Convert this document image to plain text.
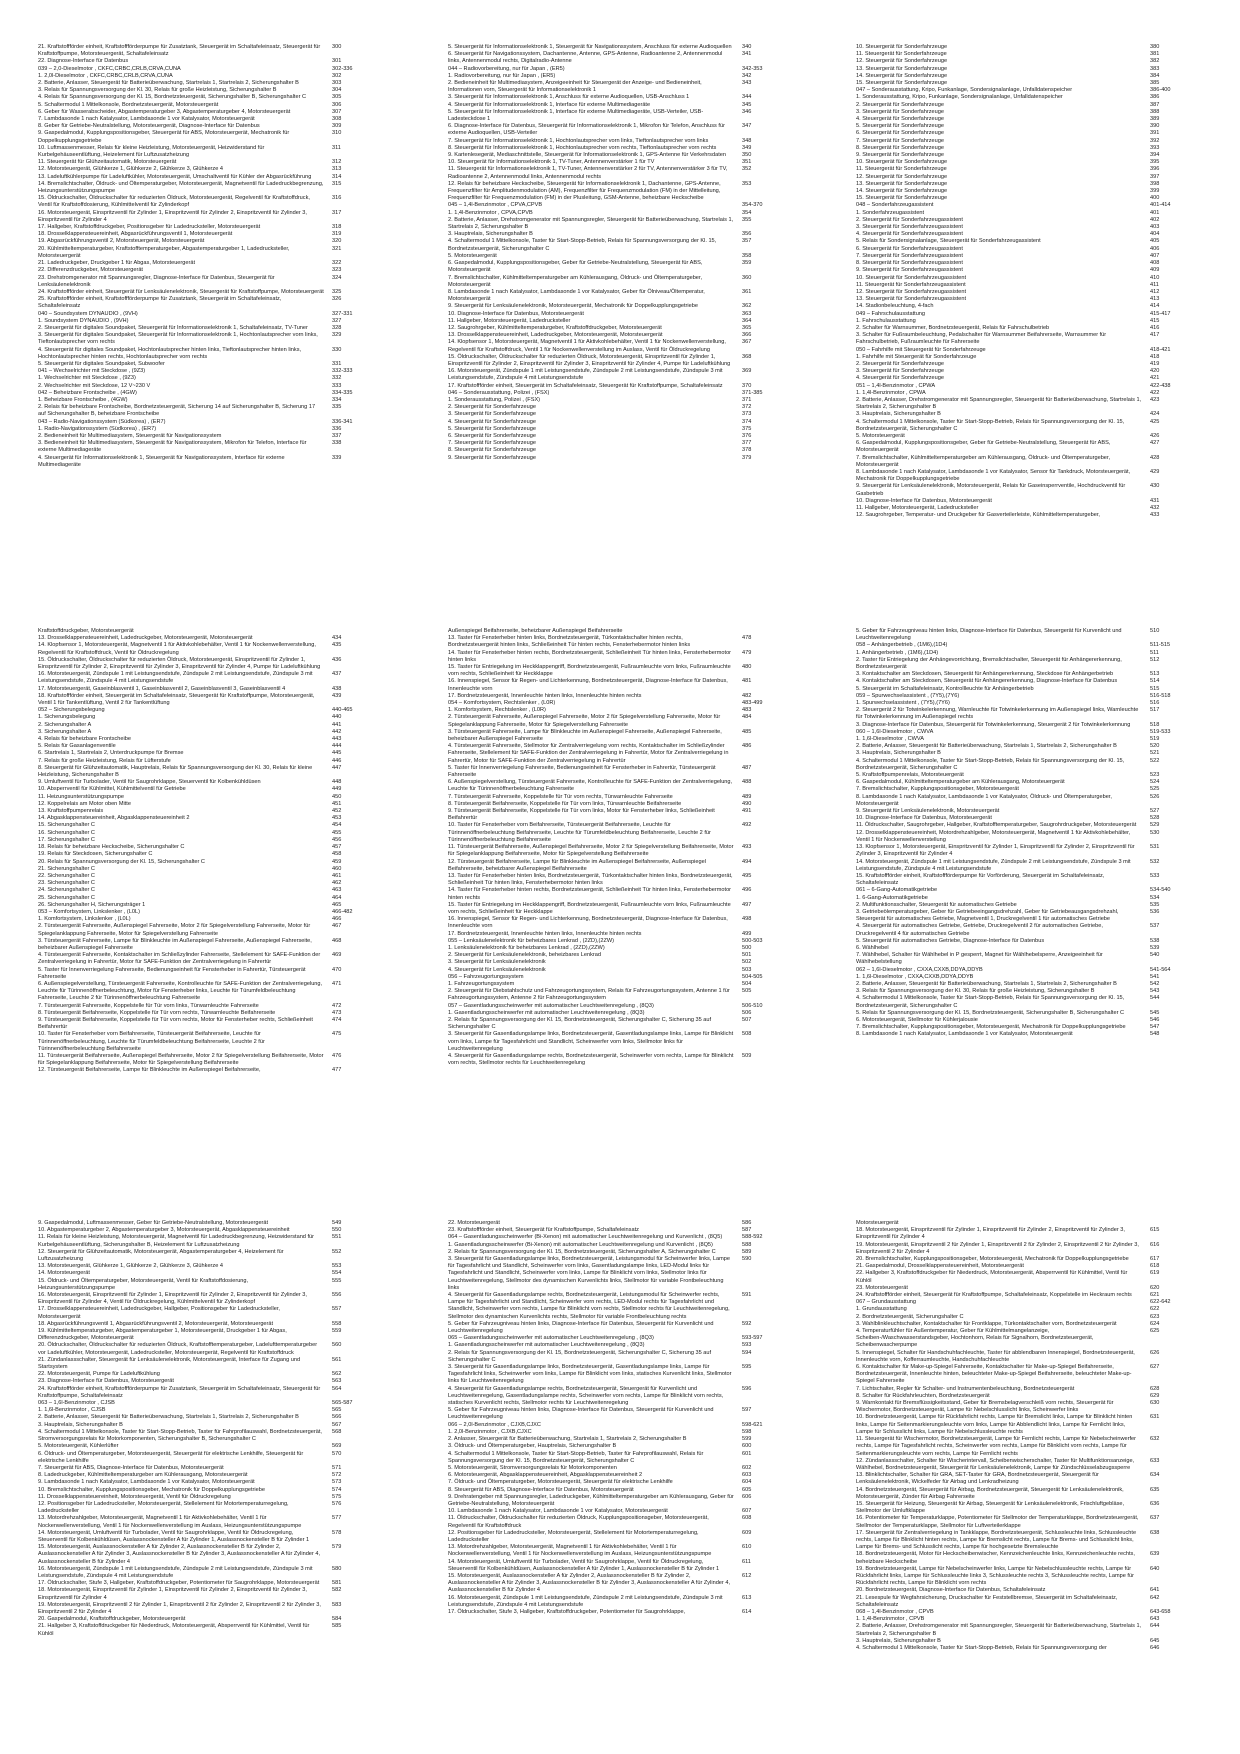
21. Kraftstoffförder einheit, Kraftstoffförderpumpe für Zusatztank, Steuergerät im Schaltafeleinsatz, Steuergerät für Kraftstoffpumpe, Motorsteuergerät, Schaltafeleinsatz
300
22. Diagnose-Interface für Datenbus	301
039 – 2,0-Dieselmotor , CKFC,CRBC,CRLB,CRVA,CUNA	302-336
1. 2,0l-Dieselmotor , CKFC,CRBC,CRLB,CRVA,CUNA	302
2. Batterie, Anlasser, Steuergerät für Batterieüberwachung, Startrelais 1, Startrelais 2, Sicherungshalter B	303
3. Relais für Spannungsversorgung der Kl. 30, Relais für große Heizleistung, Sicherungshalter B	304
4. Relais für Spannungsversorgung der Kl. 15, Bordnetzsteuergerät, Sicherungshalter B, Sicherungshalter C	305
5. Schaltermodul 1 Mittelkonsole, Bordnetzsteuergerät, Motorsteuergerät	306
6. Geber für Wasserabscheider, Abgastemperaturgeber 3, Abgastemperaturgeber 4, Motorsteuergerät	307
7. Lambdasonde 1 nach Katalysator, Lambdasonde 1 vor Katalysator, Motorsteuergerät	308
8. Geber für Getriebe-Neutralstellung, Motorsteuergerät, Diagnose-Interface für Datenbus	309
9. Gaspedalmodul, Kupplungspositionsgeber, Steuergerät für ABS, Motorsteuergerät, Mechatronik für Doppelkupplungsgetriebe
310
10. Luftmassenmesser, Relais für kleine Heizleistung, Motorsteuergerät, Heizwiderstand für Kurbelgehäuseentlüftung, Heizelement für Luftzusatzheizung
311
11. Steuergerät für Glühzeitautomatik, Motorsteuergerät	312
12. Motorsteuergerät, Glühkerze 1, Glühkerze 2, Glühkerze 3, Glühkerze 4	313
13. Ladeluftkühlerpumpe für Ladeluftkühler, Motorsteuergerät, Umschaltventil für Kühler der Abgasrückführung	314
14. Bremslichtschalter, Öldruck- und Öltemperaturgeber, Motorsteuergerät, Magnetventil für Ladedruckbegrenzung, Heizungsunterstützungspumpe
315
15. Öldruckschalter, Öldruckschalter für reduzierten Öldruck, Motorsteuergerät, Regelventil für Kraftstoffdruck, Ventil für Kraftstoffdosierung, Kühlmittelventil für Zylinderkopf
316
16. Motorsteuergerät, Einspritzventil für Zylinder 1, Einspritzventil für Zylinder 2, Einspritzventil für Zylinder 3, Einspritzventil für Zylinder 4
317
17. Hallgeber, Kraftstoffdruckgeber, Positionsgeber für Ladedrucksteller, Motorsteuergerät	318
18. Drosselklappensteuereinheit, Abgasrückführungsventil 1, Motorsteuergerät	319
19. Abgasrückführungsventil 2, Motorsteuergerät, Motorsteuergerät	320
20. Kühlmitteltemperaturgeber, Kraftstofftemperaturgeber, Abgastemperaturgeber 1, Ladedrucksteller, Motorsteuergerät
321
21. Ladedruckgeber, Druckgeber 1 für Abgas, Motorsteuergerät	322
22. Differenzdruckgeber, Motorsteuergerät	323
23. Drehstromgenerator mit Spannungsregler, Diagnose-Interface für Datenbus, Steuergerät für Lenksäulenelektronik
324
24. Kraftstoffförder einheit, Steuergerät für Lenksäulenelektronik, Steuergerät für Kraftstoffpumpe, Motorsteuergerät	325
25. Kraftstoffförder einheit, Kraftstoffförderpumpe für Zusatztank, Steuergerät im Schaltafeleinsatz, Schaltafeleinsatz
326
040 – Soundsystem DYNAUDIO , (9VH)	327-331
1. Soundsystem DYNAUDIO , (9VH)	327
2. Steuergerät für digitales Soundpaket, Steuergerät für Informationselektronik 1, Schaltafeleinsatz, TV-Tuner	328
3. Steuergerät für digitales Soundpaket, Steuergerät für Informationselektronik 1, Hochtonlautsprecher vorn links, Tieftonlautsprecher vorn rechts
329
4. Steuergerät für digitales Soundpaket, Hochtonlautsprecher hinten links, Tieftonlautsprecher hinten links, Hochtonlautsprecher hinten rechts, Hochtonlautsprecher vorn rechts
330
5. Steuergerät für digitales Soundpaket, Subwoofer	331
041 – Wechselrichter mit Steckdose , (9Z3)	332-333
1. Wechselrichter mit Steckdose , (9Z3)	332
2. Wechselrichter mit Steckdose, 12 V~230 V	333
042 – Beheizbare Frontscheibe , (4GW)	334-335
1. Beheizbare Frontscheibe , (4GW)	334
2. Relais für beheizbare Frontscheibe, Bordnetzsteuergerät, Sicherung 14 auf Sicherungshalter B, Sicherung 17 auf Sicherungshalter B, beheizbare Frontscheibe
335
043 – Radio-Navigationssystem (Südkorea) , (ER7)	336-341
1. Radio-Navigationssystem (Südkorea) , (ER7)	336
2. Bedieneinheit für Multimediasystem, Steuergerät für Navigationssystem	337
3. Bedieneinheit für Multimediasystem, Steuergerät für Navigationssystem, Mikrofon für Telefon, Interface für externe Multimediageräte
338
4. Steuergerät für Informationselektronik 1, Steuergerät für Navigationssystem, Interface für externe Multimediageräte
339
5. Steuergerät für Informationselektronik 1, Steuergerät für Navigationssystem, Anschluss für externe Audioquellen	340
6. Steuergerät für Navigationssystem, Dachantenne, Antenne, GPS-Antenne, Radioantenne 2, Antennenmodul links, Antennenmodul rechts, Digitalradio-Antenne
341
044 – Radiovorbereitung, nur für Japan , (ER5)	342-353
1. Radiovorbereitung, nur für Japan , (ER5)	342
2. Bedieneinheit für Multimediasystem, Anzeigeeinheit für Steuergerät der Anzeige- und Bedieneinheit, Informationen vorn, Steuergerät für Informationselektronik 1
343
3. Steuergerät für Informationselektronik 1, Anschluss für externe Audioquellen, USB-Anschluss 1	344
4. Steuergerät für Informationselektronik 1, Interface für externe Multimediageräte	345
5. Steuergerät für Informationselektronik 1, Interface für externe Multimediageräte, USB-Verteiler, USB-Ladesteckdose 1
346
6. Diagnose-Interface für Datenbus, Steuergerät für Informationselektronik 1, Mikrofon für Telefon, Anschluss für externe Audioquellen, USB-Verteiler
347
7. Steuergerät für Informationselektronik 1, Hochtonlautsprecher vorn links, Tieftonlautsprecher vorn links	348
8. Steuergerät für Informationselektronik 1, Hochtonlautsprecher vorn rechts, Tieftonlautsprecher vorn rechts	349
9. Kartenlesegerät, Mediaschnittstelle, Steuergerät für Informationselektronik 1, GPS-Antenne für Verkehrsdaten	350
10. Steuergerät für Informationselektronik 1, TV-Tuner, Antennenverstärker 1 für TV	351
11. Steuergerät für Informationselektronik 1, TV-Tuner, Antennenverstärker 2 für TV, Antennenverstärker 3 für TV, Radioantenne 2, Antennenmodul links, Antennenmodul rechts
352
12. Relais für beheizbare Heckscheibe, Steuergerät für Informationselektronik 1, Dachantenne, GPS-Antenne, Frequenzfilter für Amplitudenmodulation (AM), Frequenzfilter für Frequenzmodulation (FM) in der Mittelleitung, Frequenzfilter für Frequenzmodulation (FM) in der Plusleitung, GSM-Antenne, beheizbare Heckscheibe
353
045 – 1,4l-Benzinmotor , CPVA,CPVB	354-370
1. 1,4l-Benzinmotor , CPVA,CPVB	354
2. Batterie, Anlasser, Drehstromgenerator mit Spannungsregler, Steuergerät für Batterieüberwachung, Startrelais 1, Startrelais 2, Sicherungshalter B
355
3. Hauptrelais, Sicherungshalter B	356
4. Schaltermodul 1 Mittelkonsole, Taster für Start-Stopp-Betrieb, Relais für Spannungsversorgung der Kl. 15, Bordnetzsteuergerät, Sicherungshalter C
357
5. Motorsteuergerät	358
6. Gaspedalmodul, Kupplungspositionsgeber, Geber für Getriebe-Neutralstellung, Steuergerät für ABS, Motorsteuergerät
359
7. Bremslichtschalter, Kühlmitteltemperaturgeber am Kühlerausgang, Öldruck- und Öltemperaturgeber, Motorsteuergerät
360
8. Lambdasonde 1 nach Katalysator, Lambdasonde 1 vor Katalysator, Geber für Ölniveau/Öltemperatur, Motorsteuergerät
361
9. Steuergerät für Lenksäulenelektronik, Motorsteuergerät, Mechatronik für Doppelkupplungsgetriebe	362
10. Diagnose-Interface für Datenbus, Motorsteuergerät	363
11. Hallgeber, Motorsteuergerät, Ladedrucksteller	364
12. Saugrohrgeber, Kühlmitteltemperaturgeber, Kraftstoffdruckgeber, Motorsteuergerät	365
13. Drosselklappensteuereinheit, Ladedruckgeber, Motorsteuergerät, Motorsteuergerät	366
14. Klopfsensor 1, Motorsteuergerät, Magnetventil 1 für Aktivkohlebehälter, Ventil 1 für Nockenwellenverstellung, Regelventil für Kraftstoffdruck, Ventil 1 für Nockenwellenverstellung im Auslass, Ventil für Öldruckregelung
367
15. Öldruckschalter, Öldruckschalter für reduzierten Öldruck, Motorsteuergerät, Einspritzventil für Zylinder 1, Einspritzventil für Zylinder 2, Einspritzventil für Zylinder 3, Einspritzventil für Zylinder 4, Pumpe für Ladeluftkühlung
368
16. Motorsteuergerät, Zündspule 1 mit Leistungsendstufe, Zündspule 2 mit Leistungsendstufe, Zündspule 3 mit Leistungsendstufe, Zündspule 4 mit Leistungsendstufe
369
17. Kraftstoffförder einheit, Steuergerät im Schaltafeleinsatz, Steuergerät für Kraftstoffpumpe, Schaltafeleinsatz	370
046 – Sonderausstattung, Polizei , (FSX)	371-385
1. Sonderausstattung, Polizei , (FSX)	371
2. Steuergerät für Sonderfahrzeuge	372
3. Steuergerät für Sonderfahrzeuge	373
4. Steuergerät für Sonderfahrzeuge	374
5. Steuergerät für Sonderfahrzeuge	375
6. Steuergerät für Sonderfahrzeuge	376
7. Steuergerät für Sonderfahrzeuge	377
8. Steuergerät für Sonderfahrzeuge	378
9. Steuergerät für Sonderfahrzeuge	379
10. Steuergerät für Sonderfahrzeuge	380
11. Steuergerät für Sonderfahrzeuge	381
12. Steuergerät für Sonderfahrzeuge	382
13. Steuergerät für Sonderfahrzeuge	383
14. Steuergerät für Sonderfahrzeuge	384
15. Steuergerät für Sonderfahrzeuge	385
047 – Sonderausstattung, Kripo, Funkanlage, Sondersignalanlage, Unfalldatenspeicher	386-400
1. Sonderausstattung, Kripo, Funkanlage, Sondersignalanlage, Unfalldatenspeicher	386
2. Steuergerät für Sonderfahrzeuge	387
3. Steuergerät für Sonderfahrzeuge	388
4. Steuergerät für Sonderfahrzeuge	389
5. Steuergerät für Sonderfahrzeuge	390
6. Steuergerät für Sonderfahrzeuge	391
7. Steuergerät für Sonderfahrzeuge	392
8. Steuergerät für Sonderfahrzeuge	393
9. Steuergerät für Sonderfahrzeuge	394
10. Steuergerät für Sonderfahrzeuge	395
11. Steuergerät für Sonderfahrzeuge	396
12. Steuergerät für Sonderfahrzeuge	397
13. Steuergerät für Sonderfahrzeuge	398
14. Steuergerät für Sonderfahrzeuge	399
15. Steuergerät für Sonderfahrzeuge	400
048 – Sonderfahrzeugassistent	401-414
1. Sonderfahrzeugassistent	401
2. Steuergerät für Sonderfahrzeugassistent	402
3. Steuergerät für Sonderfahrzeugassistent	403
4. Steuergerät für Sonderfahrzeugassistent	404
5. Relais für Sondersignalanlage, Steuergerät für Sonderfahrzeugassistent	405
6. Steuergerät für Sonderfahrzeugassistent	406
7. Steuergerät für Sonderfahrzeugassistent	407
8. Steuergerät für Sonderfahrzeugassistent	408
9. Steuergerät für Sonderfahrzeugassistent	409
10. Steuergerät für Sonderfahrzeugassistent	410
11. Steuergerät für Sonderfahrzeugassistent	411
12. Steuergerät für Sonderfahrzeugassistent	412
13. Steuergerät für Sonderfahrzeugassistent	413
14. Stadionbeleuchtung, 4-fach	414
049 – Fahrschulausstattung	415-417
1. Fahrschulausstattung	415
2. Schalter für Warnsummer, Bordnetzsteuergerät, Relais für Fahrschulbetrieb	416
3. Schalter für Fußraumbeleuchtung, Pedalschalter für Warnsummer Beifahrerseite, Warnsummer für Fahrschulbetrieb, Fußraumleuchte für Fahrerseite
417
050 – Fahrhilfe mit Steuergerät für Sonderfahrzeuge	418-421
1. Fahrhilfe mit Steuergerät für Sonderfahrzeuge	418
2. Steuergerät für Sonderfahrzeuge	419
3. Steuergerät für Sonderfahrzeuge	420
4. Steuergerät für Sonderfahrzeuge	421
051 – 1,4l-Benzinmotor , CPWA	422-438
1. 1,4l-Benzinmotor , CPWA	422
2. Batterie, Anlasser, Drehstromgenerator mit Spannungsregler, Steuergerät für Batterieüberwachung, Startrelais 1, Startrelais 2, Sicherungshalter B
423
3. Hauptrelais, Sicherungshalter B	424
4. Schaltermodul 1 Mittelkonsole, Taster für Start-Stopp-Betrieb, Relais für Spannungsversorgung der Kl. 15, Bordnetzsteuergerät, Sicherungshalter C
425
5. Motorsteuergerät	426
6. Gaspedalmodul, Kupplungspositionsgeber, Geber für Getriebe-Neutralstellung, Steuergerät für ABS, Motorsteuergerät
427
7. Bremslichtschalter, Kühlmitteltemperaturgeber am Kühlerausgang, Öldruck- und Öltemperaturgeber, Motorsteuergerät
428
8. Lambdasonde 1 nach Katalysator, Lambdasonde 1 vor Katalysator, Sensor für Tankdruck, Motorsteuergerät, Mechatronik für Doppelkupplungsgetriebe
429
9. Steuergerät für Lenksäulenelektronik, Motorsteuergerät, Relais für Gaseinsperrventile, Hochdruckventil für Gasbetrieb
430
10. Diagnose-Interface für Datenbus, Motorsteuergerät	431
11. Hallgeber, Motorsteuergerät, Ladedrucksteller	432
12. Saugrohrgeber, Temperatur- und Druckgeber für Gasverteilerleiste, Kühlmitteltemperaturgeber,	433
Kraftstoffdruckgeber, Motorsteuergerät
13. Drosselklappensteuereinheit, Ladedruckgeber, Motorsteuergerät, Motorsteuergerät	434
14. Klopfsensor 1, Motorsteuergerät, Magnetventil 1 für Aktivkohlebehälter, Ventil 1 für Nockenwellenverstellung, Regelventil für Kraftstoffdruck, Ventil für Öldruckregelung
435
15. Öldruckschalter, Öldruckschalter für reduzierten Öldruck, Motorsteuergerät, Einspritzventil für Zylinder 1, Einspritzventil für Zylinder 2, Einspritzventil für Zylinder 3, Einspritzventil für Zylinder 4, Pumpe für Ladeluftkühlung
436
16. Motorsteuergerät, Zündspule 1 mit Leistungsendstufe, Zündspule 2 mit Leistungsendstufe, Zündspule 3 mit Leistungsendstufe, Zündspule 4 mit Leistungsendstufe
437
17. Motorsteuergerät, Gaseinblasventil 1, Gaseinblasventil 2, Gaseinblasventil 3, Gaseinblasventil 4	438
18. Kraftstoffförder einheit, Steuergerät im Schaltafeleinsatz, Steuergerät für Kraftstoffpumpe, Motorsteuergerät, Ventil 1 für Tankentlüftung, Ventil 2 für Tankentlüftung
439
052 – Sicherungsbelegung	440-465
1. Sicherungsbelegung	440
2. Sicherungshalter A	441
3. Sicherungshalter A	442
4. Relais für beheizbare Frontscheibe	443
5. Relais für Gasanlagenventile	444
6. Startrelais 1, Startrelais 2, Unterdruckpumpe für Bremse	445
7. Relais für große Heizleistung, Relais für Lüfterstufe	446
8. Steuergerät für Glühzeitautomatik, Hauptrelais, Relais für Spannungsversorgung der Kl. 30, Relais für kleine Heizleistung, Sicherungshalter B
447
9. Umluftventil für Turbolader, Ventil für Saugrohrklappe, Steuerventil für Kolbenkühldüsen	448
10. Absperrventil für Kühlmittel, Kühlmittelventil für Getriebe	449
11. Heizungsunterstützungspumpe	450
12. Koppelrelais am Motor oben Mitte	451
13. Kraftstoffpumpenrelais	452
14. Abgasklappensteuereinheit, Abgasklappensteuereinheit 2	453
15. Sicherungshalter C	454
16. Sicherungshalter C	455
17. Sicherungshalter C	456
18. Relais für beheizbare Heckscheibe, Sicherungshalter C	457
19. Relais für Steckdosen, Sicherungshalter C	458
20. Relais für Spannungsversorgung der Kl. 15, Sicherungshalter C	459
21. Sicherungshalter C	460
22. Sicherungshalter C	461
23. Sicherungshalter C	462
24. Sicherungshalter C	463
25. Sicherungshalter C	464
26. Sicherungshalter H, Sicherungsträger 1	465
053 – Komfortsystem, Linkslenker , (L0L)	466-482
1. Komfortsystem, Linkslenker , (L0L)	466
2. Türsteuergerät Fahrerseite, Außenspiegel Fahrerseite, Motor 2 für Spiegelverstellung Fahrerseite, Motor für Spiegelanklappung Fahrerseite, Motor für Spiegelverstellung Fahrerseite
467
3. Türsteuergerät Fahrerseite, Lampe für Blinkleuchte im Außenspiegel Fahrerseite, Außenspiegel Fahrerseite, beheizbarer Außenspiegel Fahrerseite
468
4. Türsteuergerät Fahrerseite, Kontaktschalter im Schließzylinder Fahrerseite, Stellelement für SAFE-Funktion der Zentralverriegelung in Fahrertür, Motor für SAFE-Funktion der Zentralverriegelung in Fahrertür
469
5. Taster für Innenverriegelung Fahrerseite, Bedienungseinheit für Fensterheber in Fahrertür, Türsteuergerät Fahrerseite
470
6. Außenspiegelverstellung, Türsteuergerät Fahrerseite, Kontrolleuchte für SAFE-Funktion der Zentralverriegelung, Leuchte für Türinnenöffnerbeleuchtung, Motor für Fensterheber links, Leuchte für Türumfeldbeleuchtung Fahrerseite, Leuchte 2 für Türinnenöffnerbeleuchtung Fahrerseite
471
7. Türsteuergerät Fahrerseite, Koppelstelle für Tür vorn links, Türwarnleuchte Fahrerseite	472
8. Türsteuergerät Beifahrerseite, Koppelstelle für Tür vorn rechts, Türwarnleuchte Beifahrerseite	473
9. Türsteuergerät Beifahrerseite, Koppelstelle für Tür vorn rechts, Motor für Fensterheber rechts, Schließeinheit Beifahrertür
474
10. Taster für Fensterheber vorn Beifahrerseite, Türsteuergerät Beifahrerseite, Leuchte für Türinnenöffnerbeleuchtung, Leuchte für Türumfeldbeleuchtung Beifahrerseite, Leuchte 2 für Türinnenöffnerbeleuchtung Beifahrerseite
475
11. Türsteuergerät Beifahrerseite, Außenspiegel Beifahrerseite, Motor 2 für Spiegelverstellung Beifahrerseite, Motor für Spiegelanklappung Beifahrerseite, Motor für Spiegelverstellung Beifahrerseite
476
12. Türsteuergerät Beifahrerseite, Lampe für Blinkleuchte im Außenspiegel Beifahrerseite,	477
Außenspiegel Beifahrerseite, beheizbarer Außenspiegel Beifahrerseite
13. Taster für Fensterheber hinten links, Bordnetzsteuergerät, Türkontaktschalter hinten rechts, Bordnetzsteuergerät hinten links, Schließeinheit Tür hinten rechts, Fensterhebermotor hinten links
478
14. Taster für Fensterheber hinten rechts, Bordnetzsteuergerät, Schließeinheit Tür hinten links, Fensterhebermotor hinten links
479
15. Taster für Entriegelung im Heckklappengriff, Bordnetzsteuergerät, Fußraumleuchte vorn links, Fußraumleuchte vorn rechts, Schließeinheit für Heckklappe
480
16. Innenspiegel, Sensor für Regen- und Lichterkennung, Bordnetzsteuergerät, Diagnose-Interface für Datenbus, Innenleuchte vorn
481
17. Bordnetzsteuergerät, Innenleuchte hinten links, Innenleuchte hinten rechts	482
054 – Komfortsystem, Rechtslenker , (L0R)	483-499
1. Komfortsystem, Rechtslenker , (L0R)	483
2. Türsteuergerät Fahrerseite, Außenspiegel Fahrerseite, Motor 2 für Spiegelverstellung Fahrerseite, Motor für Spiegelanklappung Fahrerseite, Motor für Spiegelverstellung Fahrerseite
484
3. Türsteuergerät Fahrerseite, Lampe für Blinkleuchte im Außenspiegel Fahrerseite, Außenspiegel Fahrerseite, beheizbarer Außenspiegel Fahrerseite
485
4. Türsteuergerät Fahrerseite, Stellmotor für Zentralverriegelung vorn rechts, Kontaktschalter im Schließzylinder Fahrerseite, Stellelement für SAFE-Funktion der Zentralverriegelung in Fahrertür, Motor für Zentralverriegelung in Fahrertür, Motor für SAFE-Funktion der Zentralverriegelung in Fahrertür
486
5. Taster für Innenverriegelung Fahrerseite, Bedienungseinheit für Fensterheber in Fahrertür, Türsteuergerät Fahrerseite
487
6. Außenspiegelverstellung, Türsteuergerät Fahrerseite, Kontrolleuchte für SAFE-Funktion der Zentralverriegelung, Leuchte für Türinnenöffnerbeleuchtung Fahrerseite
488
7. Türsteuergerät Fahrerseite, Koppelstelle für Tür vorn rechts, Türwarnleuchte Fahrerseite	489
8. Türsteuergerät Beifahrerseite, Koppelstelle für Tür vorn links, Türwarnleuchte Beifahrerseite	490
9. Türsteuergerät Beifahrerseite, Koppelstelle für Tür vorn links, Motor für Fensterheber links, Schließeinheit Beifahrertür
491
10. Taster für Fensterheber vorn Beifahrerseite, Türsteuergerät Beifahrerseite, Leuchte für Türinnenöffnerbeleuchtung Beifahrerseite, Leuchte für Türumfeldbeleuchtung Beifahrerseite, Leuchte 2 für Türinnenöffnerbeleuchtung Beifahrerseite
492
11. Türsteuergerät Beifahrerseite, Außenspiegel Beifahrerseite, Motor 2 für Spiegelverstellung Beifahrerseite, Motor für Spiegelanklappung Beifahrerseite, Motor für Spiegelverstellung Beifahrerseite
493
12. Türsteuergerät Beifahrerseite, Lampe für Blinkleuchte im Außenspiegel Beifahrerseite, Außenspiegel Beifahrerseite, beheizbarer Außenspiegel Beifahrerseite
494
13. Taster für Fensterheber hinten links, Bordnetzsteuergerät, Türkontaktschalter hinten links, Bordnetzsteuergerät, Schließeinheit Tür hinten links, Fensterhebermotor hinten links
495
14. Taster für Fensterheber hinten rechts, Bordnetzsteuergerät, Schließeinheit Tür hinten links, Fensterhebermotor hinten rechts
496
15. Taster für Entriegelung im Heckklappengriff, Bordnetzsteuergerät, Fußraumleuchte vorn links, Fußraumleuchte vorn rechts, Schließeinheit für Heckklappe
497
16. Innenspiegel, Sensor für Regen- und Lichterkennung, Bordnetzsteuergerät, Diagnose-Interface für Datenbus, Innenleuchte vorn
498
17. Bordnetzsteuergerät, Innenleuchte hinten links, Innenleuchte hinten rechts	499
055 – Lenksäulenelektronik für beheizbares Lenkrad , (2ZD),(2ZW)	500-503
1. Lenksäulenelektronik für beheizbares Lenkrad , (2ZD),(2ZW)	500
2. Steuergerät für Lenksäulenelektronik, beheizbares Lenkrad	501
3. Steuergerät für Lenksäulenelektronik	502
4. Steuergerät für Lenksäulenelektronik	503
056 – Fahrzeugortungssystem	504-505
1. Fahrzeugortungssystem	504
2. Steuergerät für Diebstahlschutz und Fahrzeugortungssystem, Relais für Fahrzeugortungssystem, Antenne 1 für Fahrzeugortungssystem, Antenne 2 für Fahrzeugortungssystem
505
057 – Gasentladungsscheinwerfer mit automatischer Leuchtweitenregelung , (8Q3)	506-510
1. Gasentladungsscheinwerfer mit automatischer Leuchtweitenregelung , (8Q3)	506
2. Relais für Spannungsversorgung der Kl. 15, Bordnetzsteuergerät, Sicherungshalter C, Sicherung 35 auf Sicherungshalter C
507
3. Steuergerät für Gasentladungslampe links, Bordnetzsteuergerät, Gasentladungslampe links, Lampe für Blinklicht vorn links, Lampe für Tagesfahrlicht und Standlicht, Scheinwerfer vorn links, Stellmotor links für Leuchtweitenregelung
508
4. Steuergerät für Gasentladungslampe rechts, Bordnetzsteuergerät, Scheinwerfer vorn rechts, Lampe für Blinklicht vorn rechts, Stellmotor rechts für Leuchtweitenregelung
509
5. Geber für Fahrzeugniveau hinten links, Diagnose-Interface für Datenbus, Steuergerät für Kurvenlicht und Leuchtweitenregelung
510
058 – Anhängerbetrieb , (1M6),(1D4)	511-515
1. Anhängerbetrieb , (1M6),(1D4)	511
2. Taster für Entriegelung der Anhängevorrichtung, Bremslichtschalter, Steuergerät für Anhängererkennung, Bordnetzsteuergerät
512
3. Kontaktschalter am Steckdosen, Steuergerät für Anhängererkennung, Steckdose für Anhängerbetrieb	513
4. Kontaktschalter am Steckdosen, Steuergerät für Anhängererkennung, Diagnose-Interface für Datenbus	514
5. Steuergerät im Schaltafeleinsatz, Kontrollleuchte für Anhängerbetrieb	515
059 – Spurwechselassistent , (7Y5),(7Y6)	516-518
1. Spurwechselassistent , (7Y5),(7Y6)	516
2. Steuergerät 2 für Totwinkelerkennung, Warnleuchte für Totwinkelerkennung im Außenspiegel links, Warnleuchte für Totwinkelerkennung im Außenspiegel rechts
517
3. Diagnose-Interface für Datenbus, Steuergerät für Totwinkelerkennung, Steuergerät 2 für Totwinkelerkennung	518
060 – 1,6l-Dieselmotor , CWVA	519-533
1. 1,6l-Dieselmotor , CWVA	519
2. Batterie, Anlasser, Steuergerät für Batterieüberwachung, Startrelais 1, Startrelais 2, Sicherungshalter B	520
3. Hauptrelais, Sicherungshalter B	521
4. Schaltermodul 1 Mittelkonsole, Taster für Start-Stopp-Betrieb, Relais für Spannungsversorgung der Kl. 15, Bordnetzsteuergerät, Sicherungshalter C
522
5. Kraftstoffpumpenrelais, Motorsteuergerät	523
6. Gaspedalmodul, Kühlmitteltemperaturgeber am Kühlerausgang, Motorsteuergerät	524
7. Bremslichtschalter, Kupplungspositionsgeber, Motorsteuergerät	525
8. Lambdasonde 1 nach Katalysator, Lambdasonde 1 vor Katalysator, Öldruck- und Öltemperaturgeber, Motorsteuergerät
526
9. Steuergerät für Lenksäulenelektronik, Motorsteuergerät	527
10. Diagnose-Interface für Datenbus, Motorsteuergerät	528
11. Öldruckschalter, Saugrohrgeber, Hallgeber, Kraftstofftemperaturgeber, Saugrohrdruckgeber, Motorsteuergerät	529
12. Drosselklappensteuereinheit, Motordrehzahlgeber, Motorsteuergerät, Magnetventil 1 für Aktivkohlebehälter, Ventil 1 für Nockenwellenverstellung
530
13. Klopfsensor 1, Motorsteuergerät, Einspritzventil für Zylinder 1, Einspritzventil für Zylinder 2, Einspritzventil für Zylinder 3, Einspritzventil für Zylinder 4
531
14. Motorsteuergerät, Zündspule 1 mit Leistungsendstufe, Zündspule 2 mit Leistungsendstufe, Zündspule 3 mit Leistungsendstufe, Zündspule 4 mit Leistungsendstufe
532
15. Kraftstoffförder einheit, Kraftstoffförderpumpe für Vorförderung, Steuergerät im Schaltafeleinsatz, Schaltafeleinsatz
533
061 – 6-Gang-Automatikgetriebe	534-540
1. 6-Gang-Automatikgetriebe	534
2. Multifunktionsschalter, Steuergerät für automatisches Getriebe	535
3. Getriebeölemperaturgeber, Geber für Getriebeeingangsdrehzahl, Geber für Getriebeausgangsdrehzahl, Steuergerät für automatisches Getriebe, Magnetventil 1, Druckregelventil 1 für automatisches Getriebe
536
4. Steuergerät für automatisches Getriebe, Getriebe, Druckregelventil 2 für automatisches Getriebe, Druckregelventil 4 für automatisches Getriebe
537
5. Steuergerät für automatisches Getriebe, Diagnose-Interface für Datenbus	538
6. Wählhebel	539
7. Wählhebel, Schalter für Wählhebel in P gesperrt, Magnet für Wählhebelsperre, Anzeigeeinheit für Wählhebelstellung
540
062 – 1,6l-Dieselmotor , CXXA,CXXB,DDYA,DDYB	541-564
1. 1,6l-Dieselmotor , CXXA,CXXB,DDYA,DDYB	541
2. Batterie, Anlasser, Steuergerät für Batterieüberwachung, Startrelais 1, Startrelais 2, Sicherungshalter B	542
3. Relais für Spannungsversorgung der Kl. 30, Relais für große Heizleistung, Sicherungshalter B	543
4. Schaltermodul 1 Mittelkonsole, Taster für Start-Stopp-Betrieb, Relais für Spannungsversorgung der Kl. 15, Bordnetzsteuergerät, Sicherungshalter C
544
5. Relais für Spannungsversorgung der Kl. 15, Bordnetzsteuergerät, Sicherungshalter B, Sicherungshalter C	545
6. Motorsteuergerät, Stellmotor für Kühlerjalousie	546
7. Bremslichtschalter, Kupplungspositionsgeber, Motorsteuergerät, Mechatronik für Doppelkupplungsgetriebe	547
8. Lambdasonde 1 nach Katalysator, Lambdasonde 1 vor Katalysator, Motorsteuergerät	548
9. Gaspedalmodul, Luftmassenmesser, Geber für Getriebe-Neutralstellung, Motorsteuergerät	549
10. Abgastemperaturgeber 2, Abgastemperaturgeber 3, Motorsteuergerät, Abgasklappensteuereinheit	550
11. Relais für kleine Heizleistung, Motorsteuergerät, Magnetventil für Ladedruckbegrenzung, Heizwiderstand für Kurbelgehäuseentlüftung, Sicherungshalter B, Heizelement für Luftzusatzheizung
551
12. Steuergerät für Glühzeitautomatik, Motorsteuergerät, Abgastemperaturgeber 4, Heizelement für Luftzusatzheizung
552
13. Motorsteuergerät, Glühkerze 1, Glühkerze 2, Glühkerze 3, Glühkerze 4	553
14. Motorsteuergerät	554
15. Öldruck- und Öltemperaturgeber, Motorsteuergerät, Ventil für Kraftstoffdosierung, Heizungsunterstützungspumpe
555
16. Motorsteuergerät, Einspritzventil für Zylinder 1, Einspritzventil für Zylinder 2, Einspritzventil für Zylinder 3, Einspritzventil für Zylinder 4, Ventil für Öldruckregelung, Kühlmittelventil für Zylinderkopf
556
17. Drosselklappensteuereinheit, Ladedruckgeber, Hallgeber, Positionsgeber für Ladedrucksteller, Motorsteuergerät
557
18. Abgasrückführungsventil 1, Abgasrückführungsventil 2, Motorsteuergerät, Motorsteuergerät	558
19. Kühlmitteltemperaturgeber, Abgastemperaturgeber 1, Motorsteuergerät, Druckgeber 1 für Abgas, Differenzdruckgeber, Motorsteuergerät
559
20. Öldruckschalter, Öldruckschalter für reduzierten Öldruck, Kraftstofftemperaturgeber, Ladelufttemperaturgeber vor Ladeluftkühler, Motorsteuergerät, Ladedrucksteller, Motorsteuergerät, Regelventil für Kraftstoffdruck
560
21. Zündanlassschalter, Steuergerät für Lenksäulenelektronik, Motorsteuergerät, Interface für Zugang und Startsystem
561
22. Motorsteuergerät, Pumpe für Ladeluftkühlung	562
23. Diagnose-Interface für Datenbus, Motorsteuergerät	563
24. Kraftstoffförder einheit, Kraftstoffförderpumpe für Zusatztank, Steuergerät im Schaltafeleinsatz, Steuergerät für Kraftstoffpumpe, Schaltafeleinsatz
564
063 – 1,6l-Benzinmotor , CJSB	565-587
1. 1,6l-Benzinmotor , CJSB	565
2. Batterie, Anlasser, Steuergerät für Batterieüberwachung, Startrelais 1, Startrelais 2, Sicherungshalter B	566
3. Hauptrelais, Sicherungshalter B	567
4. Schaltermodul 1 Mittelkonsole, Taster für Start-Stopp-Betrieb, Taster für Fahrprofilauswahl, Bordnetzsteuergerät, Stromversorgungsrelais für Motorkomponenten, Sicherungshalter B, Sicherungshalter C
568
5. Motorsteuergerät, Kühlerlüfter	569
6. Öldruck- und Öltemperaturgeber, Motorsteuergerät, Steuergerät für elektrische Lenkhilfe, Steuergerät für elektrische Lenkhilfe
570
7. Steuergerät für ABS, Diagnose-Interface für Datenbus, Motorsteuergerät	571
8. Ladedruckgeber, Kühlmitteltemperaturgeber am Kühlerausgang, Motorsteuergerät	572
9. Lambdasonde 1 nach Katalysator, Lambdasonde 1 vor Katalysator, Motorsteuergerät	573
10. Bremslichtschalter, Kupplungspositionsgeber, Mechatronik für Doppelkupplungsgetriebe	574
11. Drosselklappensteuereinheit, Motorsteuergerät, Ventil für Öldruckregelung	575
12. Positionsgeber für Ladedrucksteller, Motorsteuergerät, Stellelement für Motortemperaturregelung, Ladedrucksteller
576
13. Motordrehzahlgeber, Motorsteuergerät, Magnetventil 1 für Aktivkohlebehälter, Ventil 1 für Nockenwellenverstellung, Ventil 1 für Nockenwellenverstellung im Auslass, Heizungsunterstützungspumpe
577
14. Motorsteuergerät, Umluftventil für Turbolader, Ventil für Saugrohrklappe, Ventil für Öldruckregelung, Steuerventil für Kolbenkühldüsen, Auslassnockensteller A für Zylinder 1, Auslassnockensteller B für Zylinder 1
578
15. Motorsteuergerät, Auslassnockensteller A für Zylinder 2, Auslassnockensteller B für Zylinder 2, Auslassnockensteller A für Zylinder 3, Auslassnockensteller B für Zylinder 3, Auslassnockensteller A für Zylinder 4, Auslassnockensteller B für Zylinder 4
579
16. Motorsteuergerät, Zündspule 1 mit Leistungsendstufe, Zündspule 2 mit Leistungsendstufe, Zündspule 3 mit Leistungsendstufe, Zündspule 4 mit Leistungsendstufe
580
17. Öldruckschalter, Stufe 3, Hallgeber, Kraftstoffdruckgeber, Potentiometer für Saugrohrklappe, Motorsteuergerät	581
18. Motorsteuergerät, Einspritzventil für Zylinder 1, Einspritzventil für Zylinder 2, Einspritzventil für Zylinder 3, Einspritzventil für Zylinder 4
582
19. Motorsteuergerät, Einspritzventil 2 für Zylinder 1, Einspritzventil 2 für Zylinder 2, Einspritzventil 2 für Zylinder 3, Einspritzventil 2 für Zylinder 4
583
20. Gaspedalmodul, Kraftstoffdruckgeber, Motorsteuergerät	584
21. Hallgeber 3, Kraftstoffdruckgeber für Niederdruck, Motorsteuergerät, Absperrventil für Kühlmittel, Ventil für Kühlöl
585
22. Motorsteuergerät	586
23. Kraftstoffförder einheit, Steuergerät für Kraftstoffpumpe, Schaltafeleinsatz	587
064 – Gasentladungsscheinwerfer (Bi-Xenon) mit automatischer Leuchtweitenregelung und Kurvenlicht , (8Q5)	588-592
1. Gasentladungsscheinwerfer (Bi-Xenon) mit automatischer Leuchtweitenregelung und Kurvenlicht , (8Q5)	588
2. Relais für Spannungsversorgung der Kl. 15, Bordnetzsteuergerät, Sicherungshalter A, Sicherungshalter C	589
3. Steuergerät für Gasentladungslampe links, Bordnetzsteuergerät, Leistungsmodul für Scheinwerfer links, Lampe für Tagesfahrlicht und Standlicht, Scheinwerfer vorn links, Gasentladungslampe links, LED-Modul links für Tagesfahrlicht und Standlicht, Scheinwerfer vorn links, Lampe für Blinklicht vorn links, Stellmotor links für Leuchtweitenregelung, Stellmotor des dynamischen Kurvenlichts links, Stellmotor für variable Frontbeleuchtung links
590
4. Steuergerät für Gasentladungslampe rechts, Bordnetzsteuergerät, Leistungsmodul für Scheinwerfer rechts, Lampe für Tagesfahrlicht und Standlicht, Scheinwerfer vorn rechts, LED-Modul rechts für Tagesfahrlicht und Standlicht, Scheinwerfer vorn rechts, Lampe für Blinklicht vorn rechts, Stellmotor rechts für Leuchtweitenregelung, Stellmotor des dynamischen Kurvenlichts rechts, Stellmotor für variable Frontbeleuchtung rechts
591
5. Geber für Fahrzeugniveau hinten links, Diagnose-Interface für Datenbus, Steuergerät für Kurvenlicht und Leuchtweitenregelung
592
065 – Gasentladungsscheinwerfer mit automatischer Leuchtweitenregelung , (8Q3)	593-597
1. Gasentladungsscheinwerfer mit automatischer Leuchtweitenregelung , (8Q3)	593
2. Relais für Spannungsversorgung der Kl. 15, Bordnetzsteuergerät, Sicherungshalter C, Sicherung 35 auf Sicherungshalter C
594
3. Steuergerät für Gasentladungslampe links, Bordnetzsteuergerät, Gasentladungslampe links, Lampe für Tagesfahrlicht links, Scheinwerfer vorn links, Lampe für Blinklicht vorn links, statisches Kurvenlicht links, Stellmotor links für Leuchtweitenregelung
595
4. Steuergerät für Gasentladungslampe rechts, Bordnetzsteuergerät, Steuergerät für Kurvenlicht und Leuchtweitenregelung, Gasentladungslampe rechts, Scheinwerfer vorn rechts, Lampe für Blinklicht vorn rechts, statisches Kurvenlicht rechts, Stellmotor rechts für Leuchtweitenregelung
596
5. Geber für Fahrzeugniveau hinten links, Diagnose-Interface für Datenbus, Steuergerät für Kurvenlicht und Leuchtweitenregelung
597
066 – 2,0l-Benzinmotor , CJXB,CJXC	598-621
1. 2,0l-Benzinmotor , CJXB,CJXC	598
2. Anlasser, Steuergerät für Batterieüberwachung, Startrelais 1, Startrelais 2, Sicherungshalter B	599
3. Öldruck- und Öltemperaturgeber, Hauptrelais, Sicherungshalter B	600
4. Schaltermodul 1 Mittelkonsole, Taster für Start-Stopp-Betrieb, Taster für Fahrprofilauswahl, Relais für Spannungsversorgung der Kl. 15, Bordnetzsteuergerät, Sicherungshalter C
601
5. Motorsteuergerät, Stromversorgungsrelais für Motorkomponenten	602
6. Motorsteuergerät, Abgasklappensteuereinheit, Abgasklappensteuereinheit 2	603
7. Öldruck- und Öltemperaturgeber, Motorsteuergerät, Steuergerät für elektrische Lenkhilfe	604
8. Steuergerät für ABS, Diagnose-Interface für Datenbus, Motorsteuergerät	605
9. Drehratengeber mit Spannungsregler, Ladedruckgeber, Kühlmitteltemperaturgeber am Kühlerausgang, Geber für Getriebe-Neutralstellung, Motorsteuergerät
606
10. Lambdasonde 1 nach Katalysator, Lambdasonde 1 vor Katalysator, Motorsteuergerät	607
11. Öldruckschalter, Öldruckschalter für reduzierten Öldruck, Kupplungspositionsgeber, Motorsteuergerät, Regelventil für Kraftstoffdruck
608
12. Positionsgeber für Ladedrucksteller, Motorsteuergerät, Stellelement für Motortemperaturregelung, Ladedrucksteller
609
13. Motordrehzahlgeber, Motorsteuergerät, Magnetventil 1 für Aktivkohlebehälter, Ventil 1 für Nockenwellenverstellung, Ventil 1 für Nockenwellenverstellung im Auslass, Heizungsunterstützungspumpe
610
14. Motorsteuergerät, Umluftventil für Turbolader, Ventil für Saugrohrklappe, Ventil für Öldruckregelung, Steuerventil für Kolbenkühldüsen, Auslassnockensteller A für Zylinder 1, Auslassnockensteller B für Zylinder 1
611
15. Motorsteuergerät, Auslassnockensteller A für Zylinder 2, Auslassnockensteller B für Zylinder 2, Auslassnockensteller A für Zylinder 3, Auslassnockensteller B für Zylinder 3, Auslassnockensteller A für Zylinder 4, Auslassnockensteller B für Zylinder 4
612
16. Motorsteuergerät, Zündspule 1 mit Leistungsendstufe, Zündspule 2 mit Leistungsendstufe, Zündspule 3 mit Leistungsendstufe, Zündspule 4 mit Leistungsendstufe
613
17. Öldruckschalter, Stufe 3, Hallgeber, Kraftstoffdruckgeber, Potentiometer für Saugrohrklappe,	614
Motorsteuergerät
18. Motorsteuergerät, Einspritzventil für Zylinder 1, Einspritzventil für Zylinder 2, Einspritzventil für Zylinder 3, Einspritzventil für Zylinder 4
615
19. Motorsteuergerät, Einspritzventil 2 für Zylinder 1, Einspritzventil 2 für Zylinder 2, Einspritzventil 2 für Zylinder 3, Einspritzventil 2 für Zylinder 4
616
20. Bremslichtschalter, Kupplungspositionsgeber, Motorsteuergerät, Mechatronik für Doppelkupplungsgetriebe	617
21. Gaspedalmodul, Drosselklappensteuereinheit, Motorsteuergerät	618
22. Hallgeber 3, Kraftstoffdruckgeber für Niederdruck, Motorsteuergerät, Absperrventil für Kühlmittel, Ventil für Kühlöl
619
23. Motorsteuergerät	620
24. Kraftstoffförder einheit, Steuergerät für Kraftstoffpumpe, Schaltafeleinsatz, Koppelstelle im Heckraum rechts	621
067 – Grundausstattung	622-642
1. Grundausstattung	622
2. Bordnetzsteuergerät, Sicherungshalter C	623
3. Wahlblinkleuchtschalter, Kontaktschalter für Frontklappe, Türkontaktschalter vorn, Bordnetzsteuergerät	624
4. Temperaturfühler für Außentemperatur, Geber für Kühlmittelmangelanzeige, Scheiben-/Waschwasserstandsgeber, Hochtonhorn, Relais für Signalhorn, Bordnetzsteuergerät, Scheibenwascherpumpe
625
5. Innenspiegel, Schalter für Handschuhfachleuchte, Taster für abblendbaren Innenspiegel, Bordnetzsteuergerät, Innenleuchte vorn, Kofferraumleuchte, Handschuhfachleuchte
626
6. Kontaktschalter für Make-up-Spiegel Fahrerseite, Kontaktschalter für Make-up-Spiegel Beifahrerseite, Bordnetzsteuergerät, Innenleuchte hinten, beleuchteter Make-up-Spiegel Beifahrerseite, beleuchteter Make-up-Spiegel Fahrerseite
627
7. Lichtschalter, Regler für Schalter- und Instrumentenbeleuchtung, Bordnetzsteuergerät	628
8. Schalter für Rückfahrleuchten, Bordnetzsteuergerät	629
9. Warnkontakt für Bremsflüssigkeitsstand, Geber für Bremsbelagverschleiß vorn rechts, Steuergerät für Wischermotor, Bordnetzsteuergerät, Lampe für Nebelschlusslicht links, Scheinwerfer links
630
10. Bordnetzsteuergerät, Lampe für Rückfahrlicht rechts, Lampe für Bremslicht links, Lampe für Blinklicht hinten links, Lampe für Seitenmarkierungsleuchte vorn links, Lampe für Abblendlicht links, Lampe für Fernlicht links, Lampe für Schlusslicht links, Lampe für Nebelschlussleuchte rechts
631
11. Steuergerät für Wischermotor, Bordnetzsteuergerät, Lampe für Fernlicht rechts, Lampe für Nebelscheinwerfer rechts, Lampe für Tagesfahrlicht rechts, Scheinwerfer vorn rechts, Lampe für Blinklicht vorn rechts, Lampe für Seitenmarkierungsleuchte vorn rechts, Lampe für Fernlicht rechts
632
12. Zündanlassschalter, Schalter für Wischerintervall, Scheibenwischerschalter, Taster für Multifunktionsanzeige, Wählhebel, Bordnetzsteuergerät, Steuergerät für Lenksäulenelektronik, Lampe für Zündschlüsselabzugssperre
633
13. Blinklichtschalter, Schalter für GRA, SET-Taster für GRA, Bordnetzsteuergerät, Steuergerät für Lenksäulenelektronik, Wickelfeder für Airbag und Lenkradheizung
634
14. Bordnetzsteuergerät, Steuergerät für Airbag, Bordnetzsteuergerät, Steuergerät für Lenksäulenelektronik, Motorsteuergerät, Zünder für Airbag Fahrerseite
635
15. Steuergerät für Heizung, Steuergerät für Airbag, Steuergerät für Lenksäulenelektronik, Frischluftgebläse, Stellmotor der Umluftklappe
636
16. Potentiometer für Temperaturklappe, Potentiometer für Stellmotor der Temperaturklappe, Bordnetzsteuergerät, Stellmotor der Temperaturklappe, Stellmotor für Luftverteilerklappe
637
17. Steuergerät für Zentralverriegelung in Tankklappe, Bordnetzsteuergerät, Schlussleuchte links, Schlussleuchte rechts, Lampe für Blinklicht hinten rechts, Lampe für Bremslicht rechts, Lampe für Brems- und Schlusslicht links, Lampe für Brems- und Schlusslicht rechts, Lampe für hochgesetzte Bremsleuchte
638
18. Bordnetzsteuergerät, Motor für Heckscheibenwischer, Kennzeichenleuchte links, Kennzeichenleuchte rechts, beheizbare Heckscheibe
639
19. Bordnetzsteuergerät, Lampe für Nebelscheinwerfer links, Lampe für Nebelschlussleuchte rechts, Lampe für Rückfahrlicht links, Lampe für Schlussleuchte links 3, Schlussleuchte rechts 3, Schlussleuchte rechts, Lampe für Rückfahrlicht rechts, Lampe für Blinklicht vorn rechts
640
20. Bordnetzsteuergerät, Diagnose-Interface für Datenbus, Schaltafeleinsatz	641
21. Lesespule für Wegfahrsicherung, Druckschalter für Feststellbremse, Steuergerät im Schaltafeleinsatz, Schaltafeleinsatz
642
068 – 1,4l-Benzinmotor , CPVB	643-658
1. 1,4l-Benzinmotor , CPVB	643
2. Batterie, Anlasser, Drehstromgenerator mit Spannungsregler, Steuergerät für Batterieüberwachung, Startrelais 1, Startrelais 2, Sicherungshalter B
644
3. Hauptrelais, Sicherungshalter B	645
4. Schaltermodul 1 Mittelkonsole, Taster für Start-Stopp-Betrieb, Relais für Spannungsversorgung der	646
